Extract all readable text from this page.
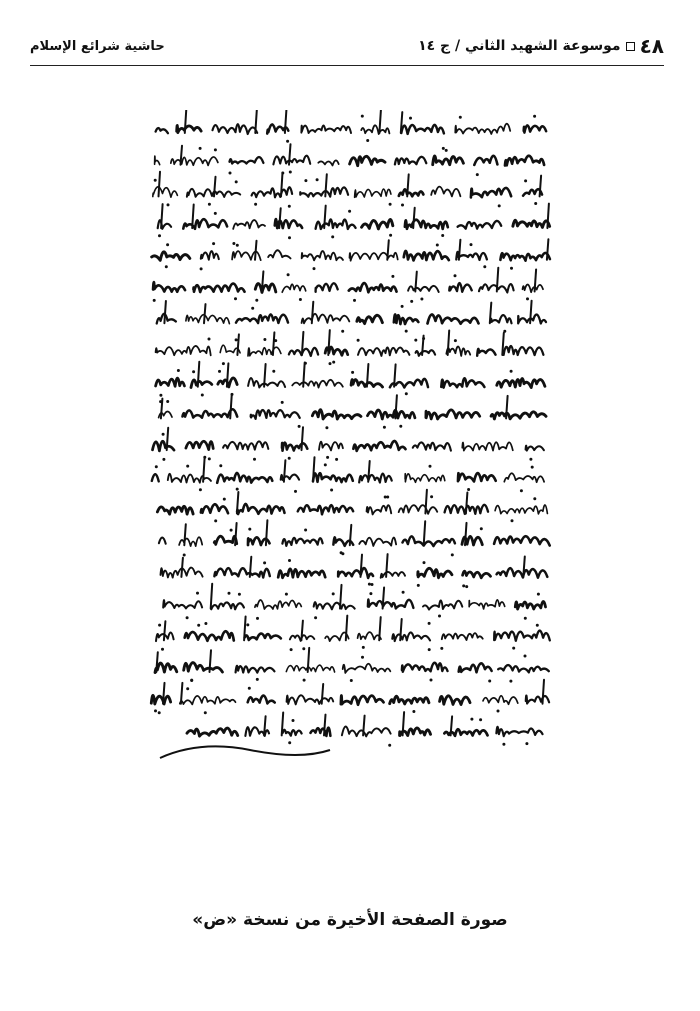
٤٨موسوعة الشهيد الثاني / ج ١٤
حاشية شرائع الإسلام
صورة الصفحة الأخيرة من نسخة «ض»
